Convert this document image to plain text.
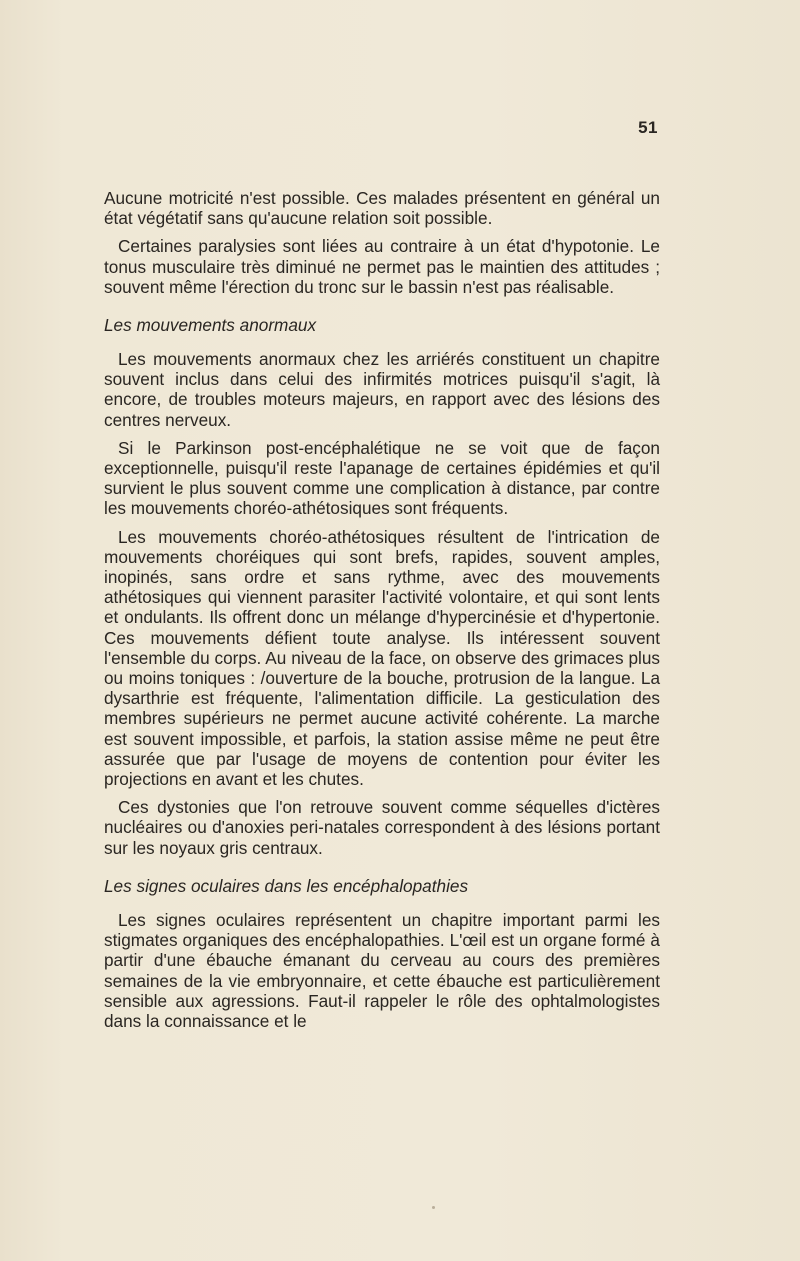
51

Aucune motricité n'est possible. Ces malades présentent en général un état végétatif sans qu'aucune relation soit possible.

Certaines paralysies sont liées au contraire à un état d'hypotonie. Le tonus musculaire très diminué ne permet pas le maintien des attitudes ; souvent même l'érection du tronc sur le bassin n'est pas réalisable.

Les mouvements anormaux

Les mouvements anormaux chez les arriérés constituent un chapitre souvent inclus dans celui des infirmités motrices puisqu'il s'agit, là encore, de troubles moteurs majeurs, en rapport avec des lésions des centres nerveux.

Si le Parkinson post-encéphalétique ne se voit que de façon exceptionnelle, puisqu'il reste l'apanage de certaines épidémies et qu'il survient le plus souvent comme une complication à distance, par contre les mouvements choréo-athétosiques sont fréquents.

Les mouvements choréo-athétosiques résultent de l'intrication de mouvements choréiques qui sont brefs, rapides, souvent amples, inopinés, sans ordre et sans rythme, avec des mouvements athétosiques qui viennent parasiter l'activité volontaire, et qui sont lents et ondulants. Ils offrent donc un mélange d'hypercinésie et d'hypertonie. Ces mouvements défient toute analyse. Ils intéressent souvent l'ensemble du corps. Au niveau de la face, on observe des grimaces plus ou moins toniques : /ouverture de la bouche, protrusion de la langue. La dysarthrie est fréquente, l'alimentation difficile. La gesticulation des membres supérieurs ne permet aucune activité cohérente. La marche est souvent impossible, et parfois, la station assise même ne peut être assurée que par l'usage de moyens de contention pour éviter les projections en avant et les chutes.

Ces dystonies que l'on retrouve souvent comme séquelles d'ictères nucléaires ou d'anoxies peri-natales correspondent à des lésions portant sur les noyaux gris centraux.

Les signes oculaires dans les encéphalopathies

Les signes oculaires représentent un chapitre important parmi les stigmates organiques des encéphalopathies. L'œil est un organe formé à partir d'une ébauche émanant du cerveau au cours des premières semaines de la vie embryonnaire, et cette ébauche est particulièrement sensible aux agressions. Faut-il rappeler le rôle des ophtalmologistes dans la connaissance et le
